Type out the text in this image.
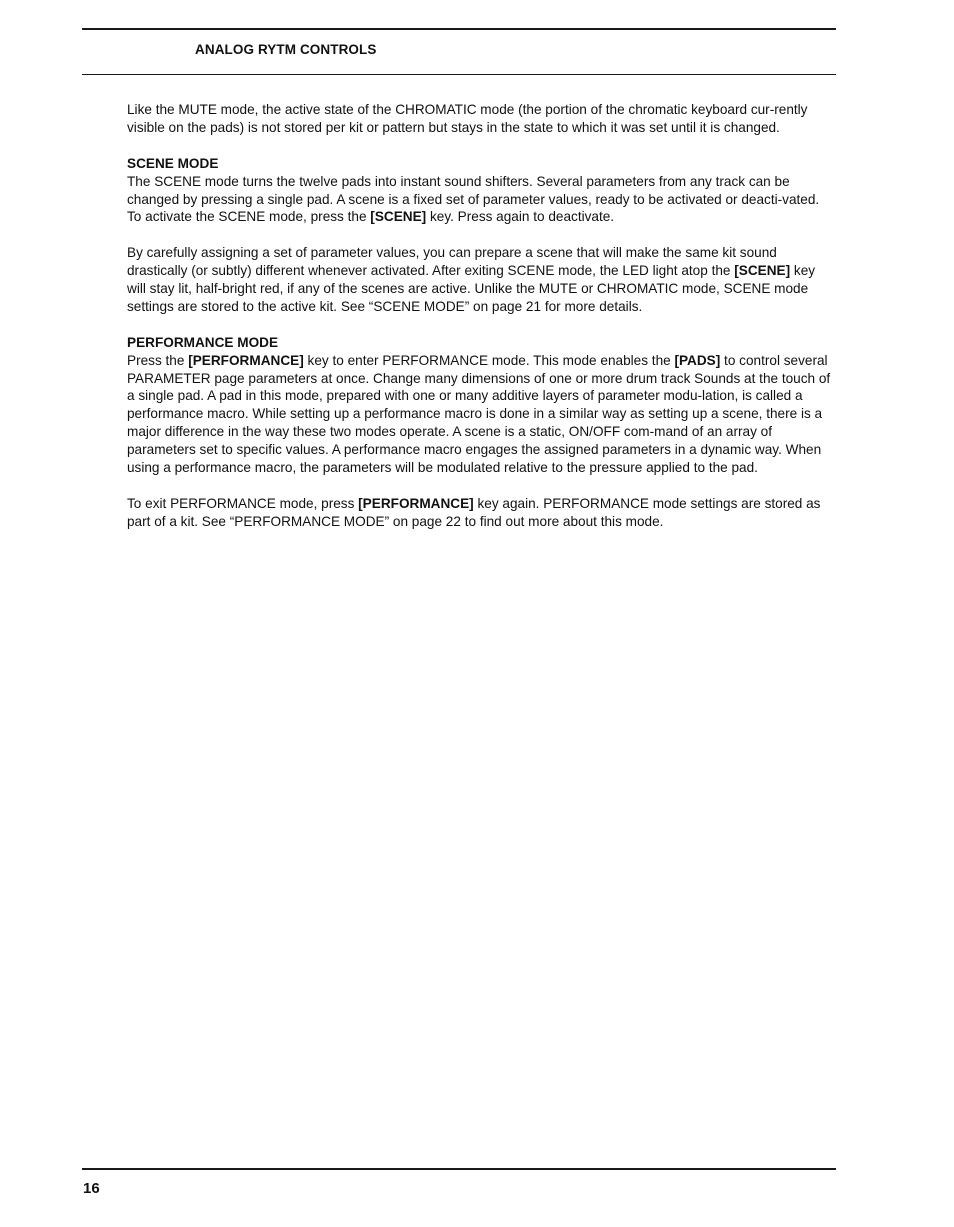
ANALOG RYTM CONTROLS

Like the MUTE mode, the active state of the CHROMATIC mode (the portion of the chromatic keyboard cur-rently visible on the pads) is not stored per kit or pattern but stays in the state to which it was set until it is changed.

SCENE MODE

The SCENE mode turns the twelve pads into instant sound shifters. Several parameters from any track can be changed by pressing a single pad. A scene is a fixed set of parameter values, ready to be activated or deacti-vated. To activate the SCENE mode, press the [SCENE] key. Press again to deactivate.

By carefully assigning a set of parameter values, you can prepare a scene that will make the same kit sound drastically (or subtly) different whenever activated. After exiting SCENE mode, the LED light atop the [SCENE] key will stay lit, half-bright red, if any of the scenes are active. Unlike the MUTE or CHROMATIC mode, SCENE mode settings are stored to the active kit. See “SCENE MODE” on page 21 for more details.

PERFORMANCE MODE

Press the [PERFORMANCE] key to enter PERFORMANCE mode. This mode enables the [PADS] to control several PARAMETER page parameters at once. Change many dimensions of one or more drum track Sounds at the touch of a single pad. A pad in this mode, prepared with one or many additive layers of parameter modu-lation, is called a performance macro. While setting up a performance macro is done in a similar way as setting up a scene, there is a major difference in the way these two modes operate. A scene is a static, ON/OFF com-mand of an array of parameters set to specific values. A performance macro engages the assigned parameters in a dynamic way. When using a performance macro, the parameters will be modulated relative to the pressure applied to the pad.

To exit PERFORMANCE mode, press [PERFORMANCE] key again. PERFORMANCE mode settings are stored as part of a kit. See “PERFORMANCE MODE” on page 22 to find out more about this mode.

16
